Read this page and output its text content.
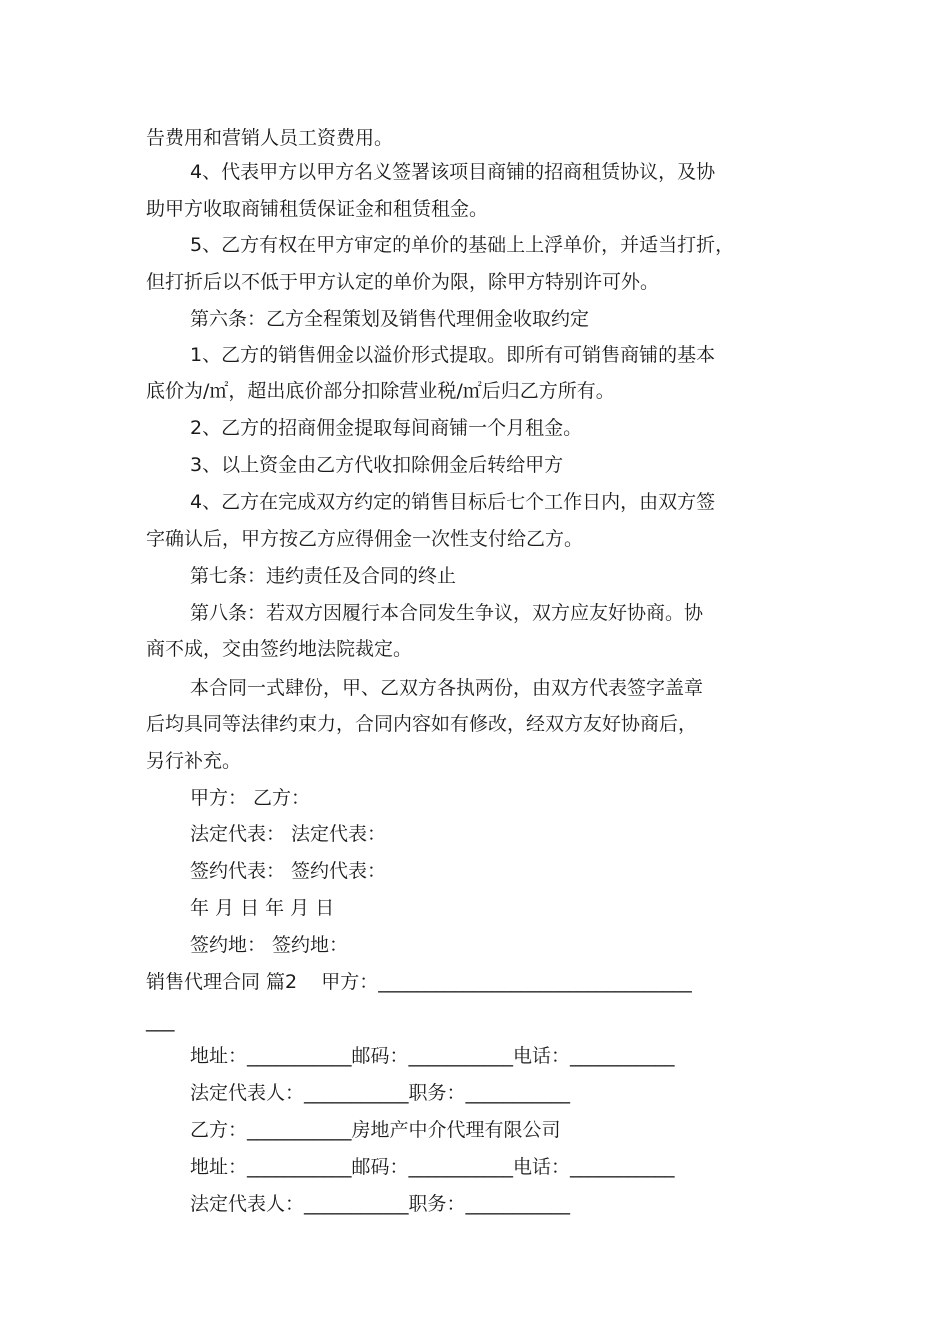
告费用和营销人员工资费用。
4、代表甲方以甲方名义签署该项目商铺的招商租赁协议，及协
助甲方收取商铺租赁保证金和租赁租金。
5、乙方有权在甲方审定的单价的基础上上浮单价，并适当打折，
但打折后以不低于甲方认定的单价为限，除甲方特别许可外。
第六条：乙方全程策划及销售代理佣金收取约定
1、乙方的销售佣金以溢价形式提取。即所有可销售商铺的基本
底价为/㎡，超出底价部分扣除营业税/㎡后归乙方所有。
2、乙方的招商佣金提取每间商铺一个月租金。
3、以上资金由乙方代收扣除佣金后转给甲方
4、乙方在完成双方约定的销售目标后七个工作日内，由双方签
字确认后，甲方按乙方应得佣金一次性支付给乙方。
第七条：违约责任及合同的终止
第八条：若双方因履行本合同发生争议，双方应友好协商。协
商不成，交由签约地法院裁定。
本合同一式肆份，甲、乙双方各执两份，由双方代表签字盖章
后均具同等法律约束力，合同内容如有修改，经双方友好协商后，
另行补充。
甲方： 乙方：
法定代表： 法定代表：
签约代表： 签约代表：
年 月 日 年 月 日
签约地： 签约地：
销售代理合同 篇2    甲方：_________________________________
___
地址：___________邮码：___________电话：___________
法定代表人：___________职务：___________
乙方：___________房地产中介代理有限公司
地址：___________邮码：___________电话：___________
法定代表人：___________职务：___________
